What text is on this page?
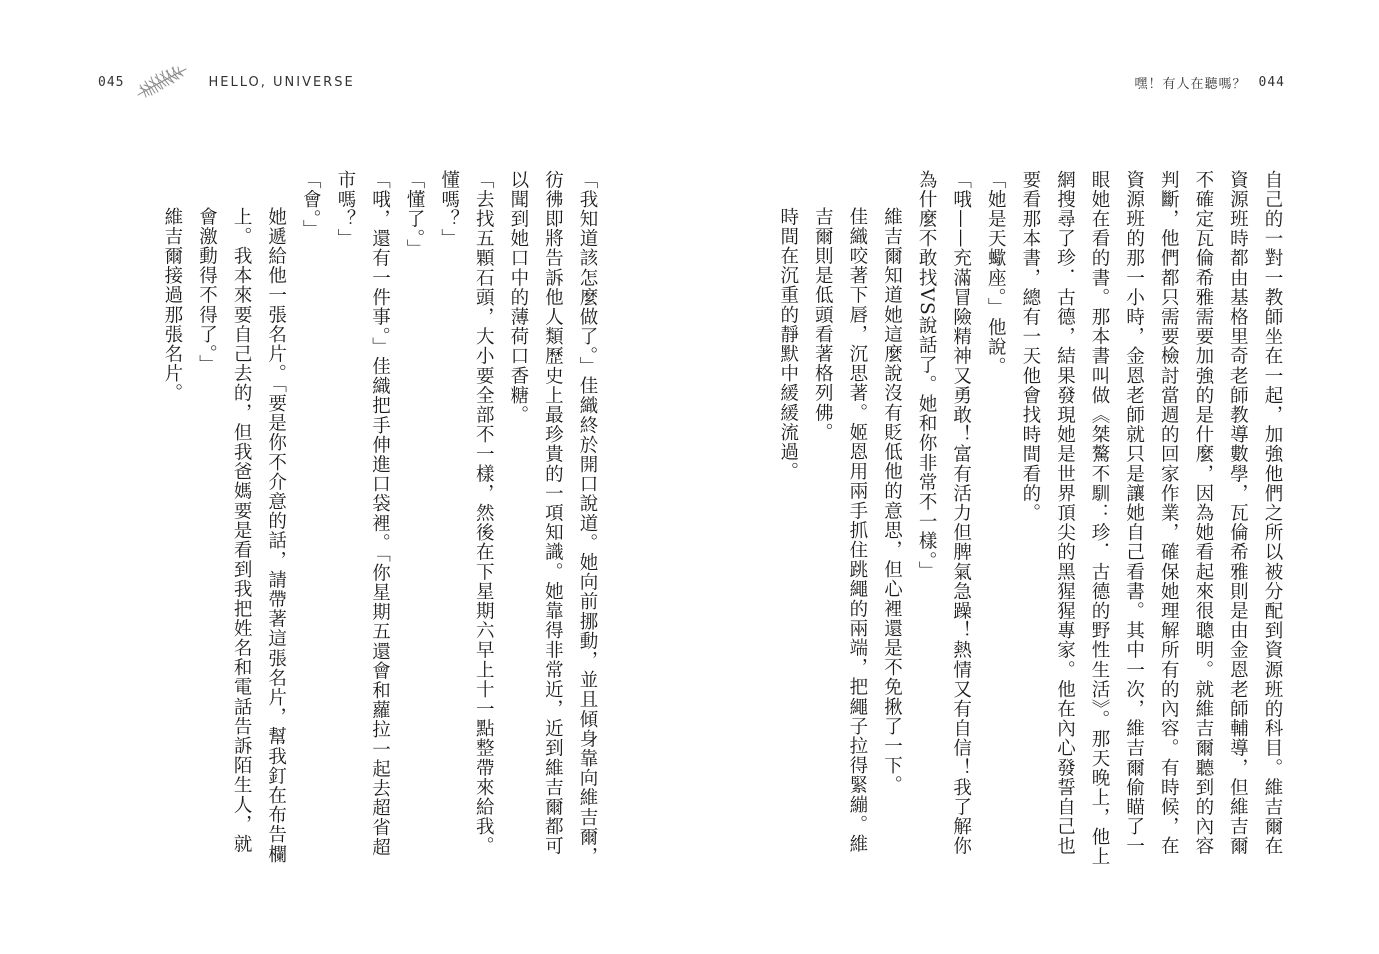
045	HELLO, UNIVERSE

「我知道該怎麼做了。」佳織終於開口說道。她向前挪動，並且傾身靠向維吉爾，彷彿即將告訴他人類歷史上最珍貴的一項知識。她靠得非常近，近到維吉爾都可以聞到她口中的薄荷口香糖。

「去找五顆石頭，大小要全部不一樣，然後在下星期六早上十一點整帶來給我。懂嗎？」

「懂了。」

「哦，還有一件事。」佳織把手伸進口袋裡。「你星期五還會和蘿拉一起去超省超市嗎？」

「會。」

她遞給他一張名片。「要是你不介意的話，請帶著這張名片，幫我釘在布告欄上。我本來要自己去的，但我爸媽要是看到我把姓名和電話告訴陌生人，就會激動得不得了。」

維吉爾接過那張名片。

嘿！有人在聽嗎？ 044

自己的一對一教師坐在一起，加強他們之所以被分配到資源班的科目。維吉爾在資源班時都由基格里奇老師教導數學，瓦倫希雅則是由金恩老師輔導，但維吉爾不確定瓦倫希雅需要加強的是什麼，因為她看起來很聰明。就維吉爾聽到的內容判斷，他們都只需要檢討當週的回家作業，確保她理解所有的內容。有時候，在資源班的那一小時，金恩老師就只是讓她自己看書。其中一次，維吉爾偷瞄了一眼她在看的書。那本書叫做《桀驁不馴：珍．古德的野性生活》。那天晚上，他上網搜尋了珍．古德，結果發現她是世界頂尖的黑猩猩專家。他在內心發誓自己也要看那本書，總有一天他會找時間看的。

「她是天蠍座。」他說。

「哦——充滿冒險精神又勇敢！富有活力但脾氣急躁！熱情又有自信！我了解你為什麼不敢找VS說話了。她和你非常不一樣。」

維吉爾知道她這麼說沒有貶低他的意思，但心裡還是不免揪了一下。

佳織咬著下唇，沉思著。姬恩用兩手抓住跳繩的兩端，把繩子拉得緊繃。維吉爾則是低頭看著格列佛。

時間在沉重的靜默中緩緩流過。
